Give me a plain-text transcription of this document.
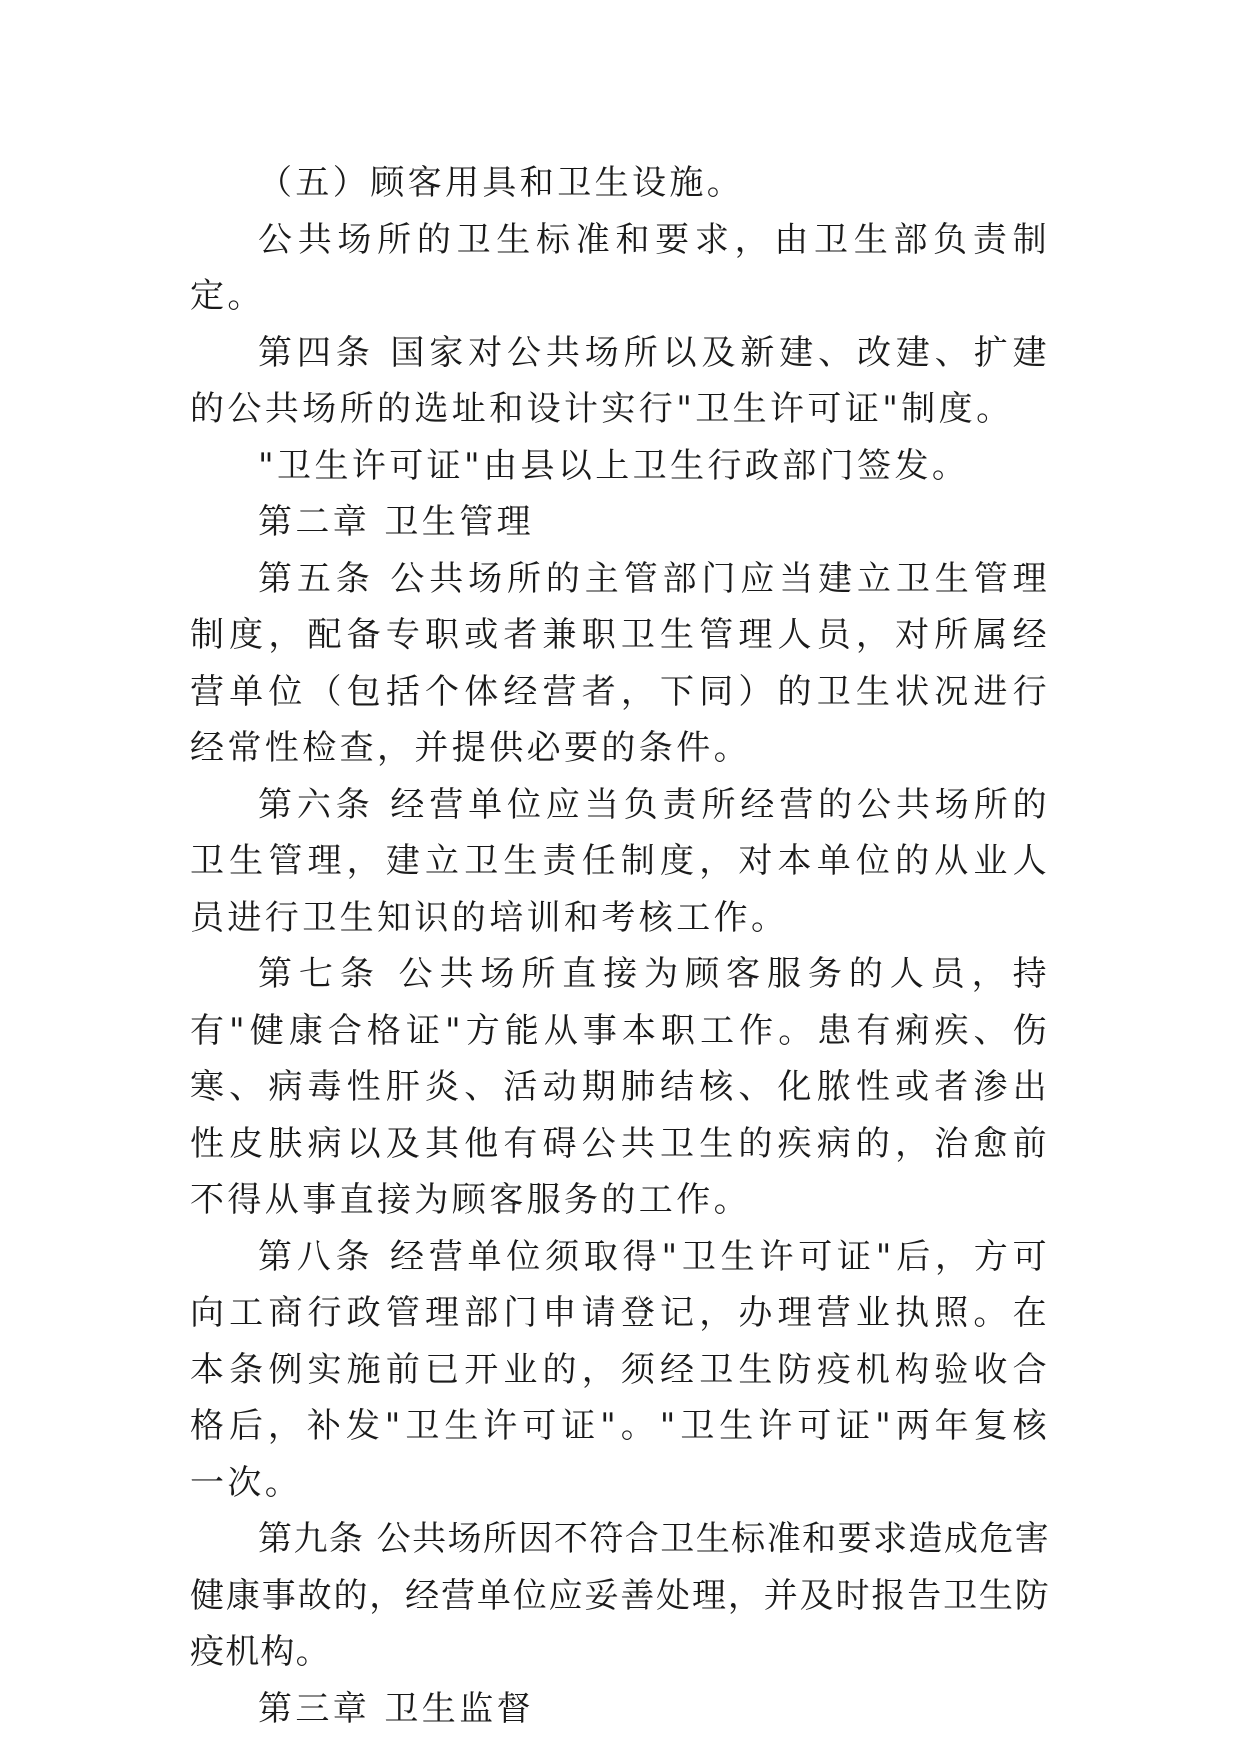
（五）顾客用具和卫生设施。

公共场所的卫生标准和要求，由卫生部负责制定。

第四条 国家对公共场所以及新建、改建、扩建的公共场所的选址和设计实行"卫生许可证"制度。

"卫生许可证"由县以上卫生行政部门签发。

第二章 卫生管理

第五条 公共场所的主管部门应当建立卫生管理制度，配备专职或者兼职卫生管理人员，对所属经营单位（包括个体经营者，下同）的卫生状况进行经常性检查，并提供必要的条件。

第六条 经营单位应当负责所经营的公共场所的卫生管理，建立卫生责任制度，对本单位的从业人员进行卫生知识的培训和考核工作。

第七条 公共场所直接为顾客服务的人员，持有"健康合格证"方能从事本职工作。患有痢疾、伤寒、病毒性肝炎、活动期肺结核、化脓性或者渗出性皮肤病以及其他有碍公共卫生的疾病的，治愈前不得从事直接为顾客服务的工作。

第八条 经营单位须取得"卫生许可证"后，方可向工商行政管理部门申请登记，办理营业执照。在本条例实施前已开业的，须经卫生防疫机构验收合格后，补发"卫生许可证"。"卫生许可证"两年复核一次。

第九条 公共场所因不符合卫生标准和要求造成危害健康事故的，经营单位应妥善处理，并及时报告卫生防疫机构。

第三章 卫生监督
